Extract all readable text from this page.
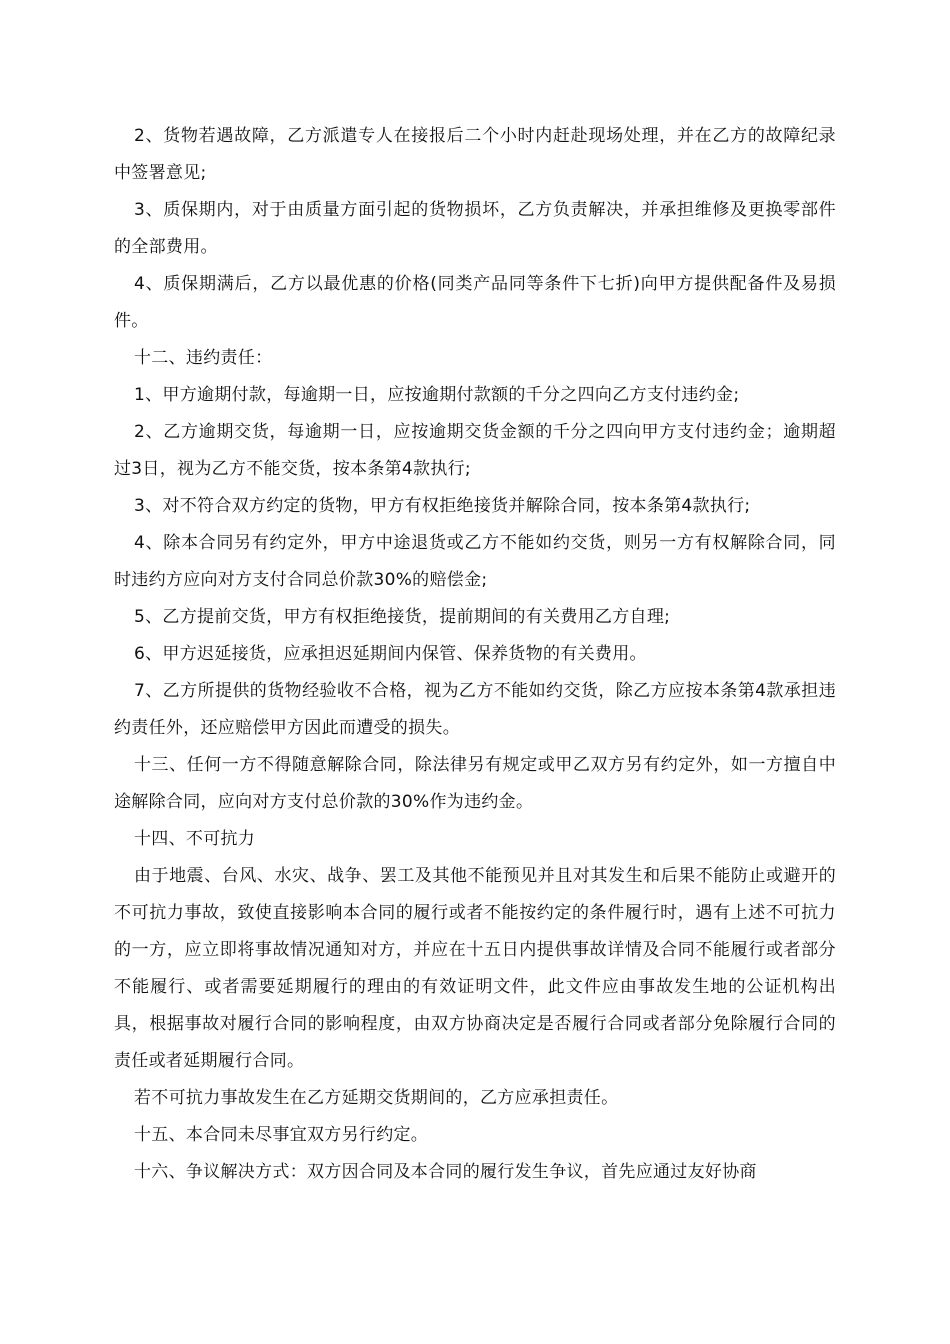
2、货物若遇故障，乙方派遣专人在接报后二个小时内赶赴现场处理，并在乙方的故障纪录中签署意见;

3、质保期内，对于由质量方面引起的货物损坏，乙方负责解决，并承担维修及更换零部件的全部费用。

4、质保期满后，乙方以最优惠的价格(同类产品同等条件下七折)向甲方提供配备件及易损件。

十二、违约责任：

1、甲方逾期付款，每逾期一日，应按逾期付款额的千分之四向乙方支付违约金;

2、乙方逾期交货，每逾期一日，应按逾期交货金额的千分之四向甲方支付违约金；逾期超过3日，视为乙方不能交货，按本条第4款执行;

3、对不符合双方约定的货物，甲方有权拒绝接货并解除合同，按本条第4款执行;

4、除本合同另有约定外，甲方中途退货或乙方不能如约交货，则另一方有权解除合同，同时违约方应向对方支付合同总价款30%的赔偿金;

5、乙方提前交货，甲方有权拒绝接货，提前期间的有关费用乙方自理;

6、甲方迟延接货，应承担迟延期间内保管、保养货物的有关费用。

7、乙方所提供的货物经验收不合格，视为乙方不能如约交货，除乙方应按本条第4款承担违约责任外，还应赔偿甲方因此而遭受的损失。

十三、任何一方不得随意解除合同，除法律另有规定或甲乙双方另有约定外，如一方擅自中途解除合同，应向对方支付总价款的30%作为违约金。

十四、不可抗力

由于地震、台风、水灾、战争、罢工及其他不能预见并且对其发生和后果不能防止或避开的不可抗力事故，致使直接影响本合同的履行或者不能按约定的条件履行时，遇有上述不可抗力的一方，应立即将事故情况通知对方，并应在十五日内提供事故详情及合同不能履行或者部分不能履行、或者需要延期履行的理由的有效证明文件，此文件应由事故发生地的公证机构出具，根据事故对履行合同的影响程度，由双方协商决定是否履行合同或者部分免除履行合同的责任或者延期履行合同。

若不可抗力事故发生在乙方延期交货期间的，乙方应承担责任。

十五、本合同未尽事宜双方另行约定。

十六、争议解决方式：双方因合同及本合同的履行发生争议，首先应通过友好协商
